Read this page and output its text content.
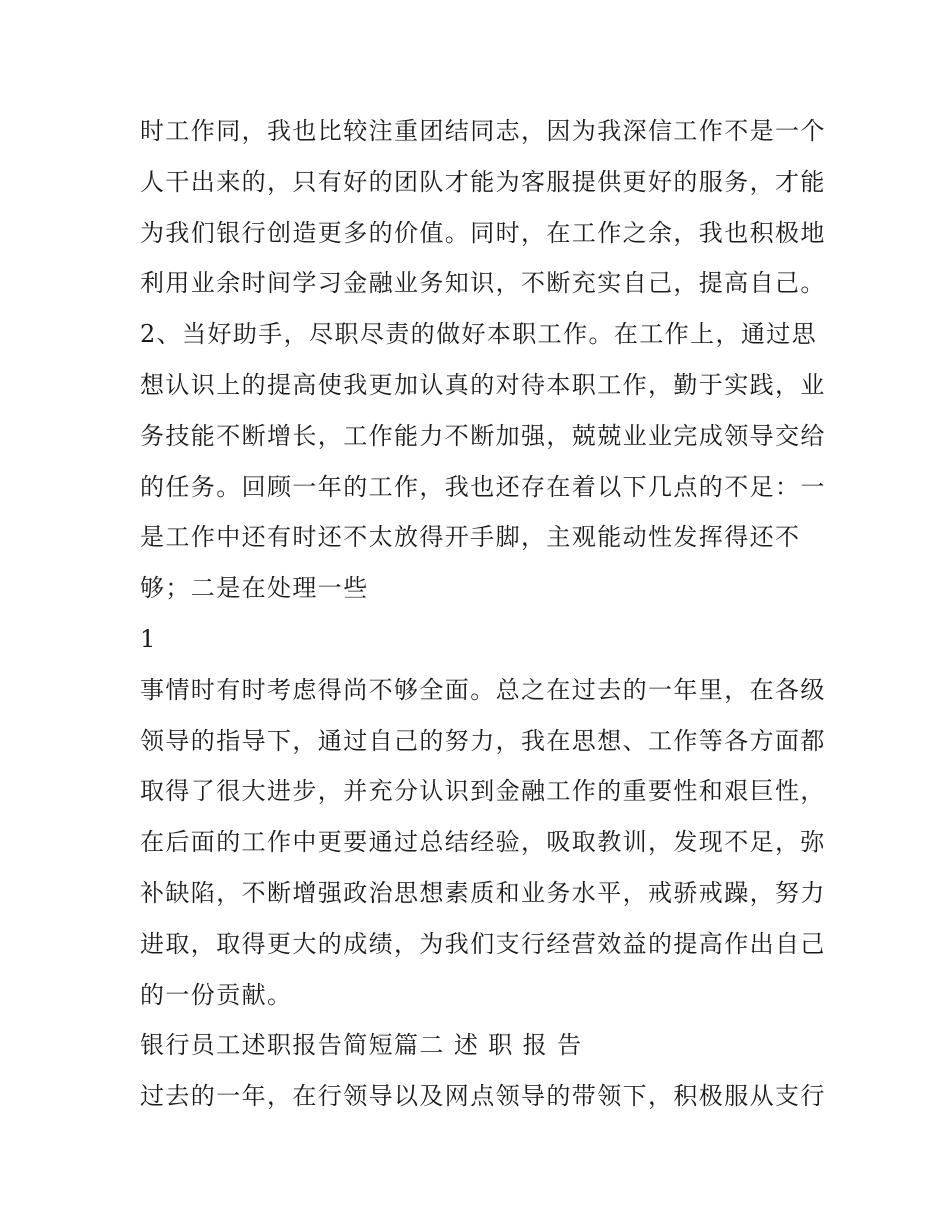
时工作同，我也比较注重团结同志，因为我深信工作不是一个
人干出来的，只有好的团队才能为客服提供更好的服务，才能
为我们银行创造更多的价值。同时，在工作之余，我也积极地
利用业余时间学习金融业务知识，不断充实自己，提高自己。
2、当好助手，尽职尽责的做好本职工作。在工作上，通过思
想认识上的提高使我更加认真的对待本职工作，勤于实践，业
务技能不断增长，工作能力不断加强，兢兢业业完成领导交给
的任务。回顾一年的工作，我也还存在着以下几点的不足：一
是工作中还有时还不太放得开手脚，主观能动性发挥得还不
够；二是在处理一些
1
事情时有时考虑得尚不够全面。总之在过去的一年里，在各级
领导的指导下，通过自己的努力，我在思想、工作等各方面都
取得了很大进步，并充分认识到金融工作的重要性和艰巨性，
在后面的工作中更要通过总结经验，吸取教训，发现不足，弥
补缺陷，不断增强政治思想素质和业务水平，戒骄戒躁，努力
进取，取得更大的成绩，为我们支行经营效益的提高作出自己
的一份贡献。
银行员工述职报告简短篇二 述 职 报 告
过去的一年，在行领导以及网点领导的带领下，积极服从支行
